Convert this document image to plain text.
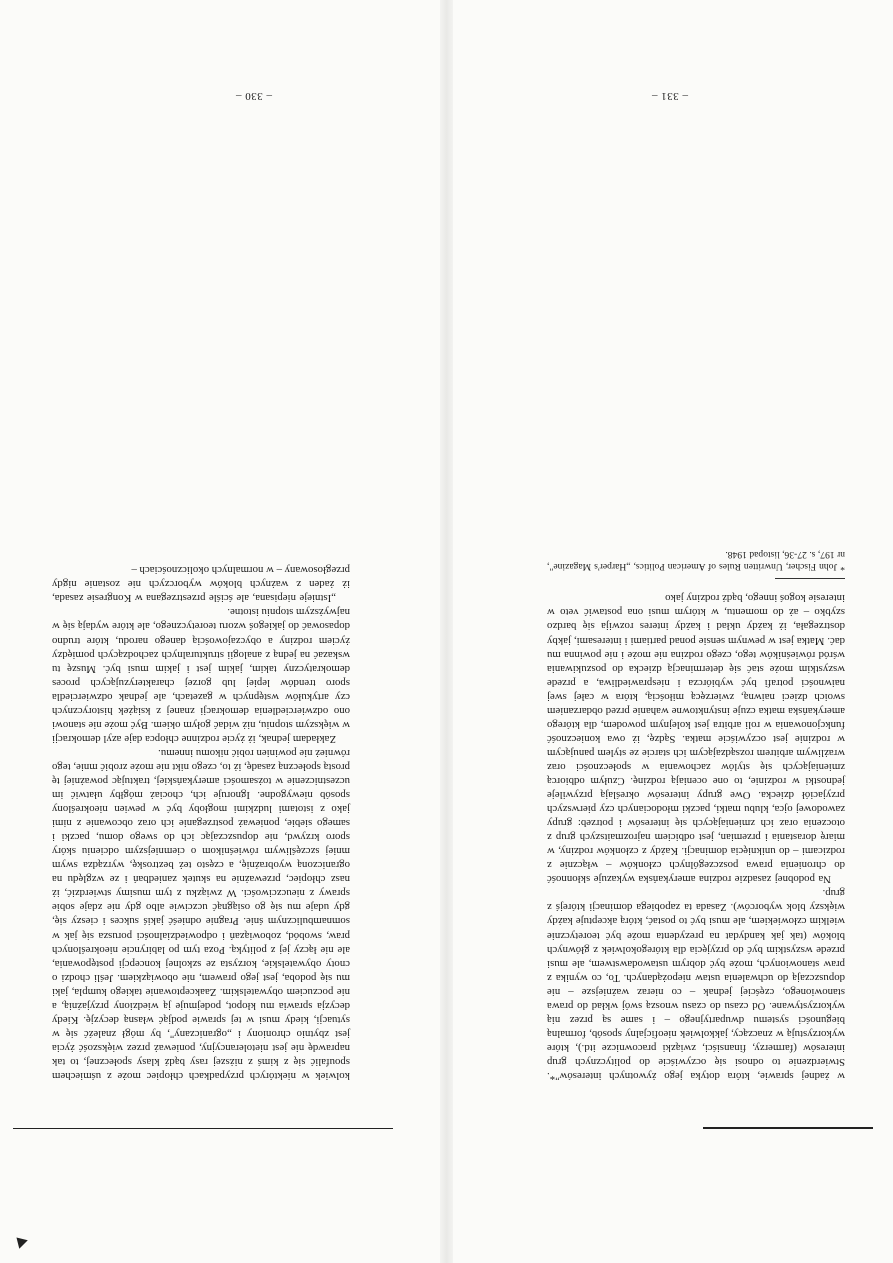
w żadnej sprawie, która dotyka jego żywotnych interesów"*. Stwierdzenie to odnosi się oczywiście do politycznych grup interesów (farmerzy, finansiści, związki pracownicze itd.), które wykorzystują w znaczący, jakkolwiek nieoficjalny sposób, formalną bieguności systemu dwupartyjnego – i same są przez nią wykorzystywane. Od czasu do czasu wnoszą swój wkład do prawa stanowionego, częściej jednak – co nierаz ważniejsze – nie dopuszczają do uchwalenia ustaw niepożądanych. To, co wynika z praw stanowionych, może być dobrym ustawodawstwem, ale musi przede wszystkim być do przyjęcia dla któregokolwiek z głównych bloków (tak jak kandydat na prezydenta może być teoretycznie wielkim człowiekiem, ale musi być to postać, którą akceptuje każdy większy blok wyborców). Zasada ta zapobiega dominacji którejś z grup.

Na podobnej zasadzie rodzina amerykańska wykazuje skłonność do chronienia prawa poszczególnych członków – włącznie z rodzicami – do uniknięcia dominacji. Każdy z członków rodziny, w miarę dorastania i przemian, jest odbiciem najrozmaitszych grup z otoczenia oraz ich zmieniających się interesów i potrzeb: grupy zawodowej ojca, klubu matki, paczki młodocianych czy pierwszych przyjaciół dziecka. Owe grupy interesów określają przywileje jednostki w rodzinie, to one oceniają rodzinę. Czułym odbiorcą zmieniających się stylów zachowania w społeczności oraz wrażliwym arbitrem rozsądzającym ich starcie ze stylem panującym w rodzinie jest oczywiście matka. Sądzę, iż owa konieczność funkcjonowania w roli arbitra jest kolejnym powodem, dla którego amerykańska matka czuje instynktowne wahanie przed obdarzaniem swoich dzieci naiwną, zwierzęcą miłością, która w całej swej naiwności potrafi być wybiórcza i niesprawiedliwa, a przede wszystkim może stać się determinacją dziecka do poszukiwania wśród rówieśników tego, czego rodzina nie może i nie powinna mu dać. Matka jest w pewnym sensie ponad partiami i interesami, jakby dostrzegała, iż każdy układ i każdy interes rozwija się bardzo szybko – aż do momentu, w którym musi ona postawić veto w interesie kogoś innego, bądź rodziny jako

* John Fischer, Unwritten Rules of American Politics, „Harper's Magazine", nr 197, s. 27-36, listopad 1948.

– 331 –

kolwiek w niektórych przypadkach chłopiec może z uśmiechem spoufalić się z kimś z niższej rasy bądź klasy społecznej, to tak naprawdę nie jest nietolerancyjny, ponieważ przez większość życia jest zbytnio chroniony i „ograniczany", by mógł znaleźć się w sytuacji, kiedy musi w tej sprawie podjąć własną decyzję. Kiedy decyzja sprawia mu kłopot, podejmuje ją wiedziony przyjaźnią, a nie poczuciem obywatelskim. Zaakceptowanie takiego kumpla, jaki mu się podoba, jest jego prawem, nie obowiązkiem. Jeśli chodzi o cnoty obywatelskie, korzysta ze szkolnej koncepcji postępowania, ale nie łączy jej z polityką. Poza tym po labiryncie nieokreślonych praw, swobód, zobowiązań i odpowiedzialności poruszа się jak w somnambulicznym śnie. Pragnie odnieść jakiś sukces i cieszy się, gdy udaje mu się go osiągnąć uczciwie albo gdy nie zdaje sobie sprawy z nieuczciwości. W związku z tym musimy stwierdzić, iż nasz chłopiec, przeważnie na skutek zaniedbań i ze względu na ograniczoną wyobraźnię, a często też beztroskę, wyrządza swym mniej szczęśliwym rówieśnikom o ciemniejszym odcieniu skóry sporo krzywd, nie dopuszczając ich do swego domu, paczki i samego siebie, ponieważ postrzeganie ich oraz obcowanie z nimi jako z istotami ludzkimi mogłoby być w pewien nieokreślony sposób niewygodne. Ignoruje ich, chociaż mógłby ułatwić im uczestniczenie w tożsamości amerykańskiej, traktując poważniej tę prostą społeczną zasadę, iż to, czego nikt nie może zrobić mnie, tego również nie powinien robić nikomu innemu.

Zakładam jednak, iż życie rodzinne chłopca daje azyl demokracji w większym stopniu, niż widać gołym okiem. Być może nie stanowi ono odzwierciedlenia demokracji znanej z książek historycznych czy artykułów wstępnych w gazetach, ale jednak odzwierciedla sporo trendów lepiej lub gorzej charakteryzujących proces demokratyczny takim, jakim jest i jakim musi być. Muszę tu wskazać na jedną z analogii strukturalnych zachodzących pomiędzy życiem rodziny a obyczajowością danego narodu, które trudno dopasować do jakiegoś wzoru teoretycznego, ale które wydają się w najwyższym stopniu istotne.

„Istnieje niepisana, ale ściśle przestrzegana w Kongresie zasada, iż żaden z ważnych bloków wyborczych nie zostanie nigdy przegłosowany – w normalnych okolicznościach –

– 330 –
